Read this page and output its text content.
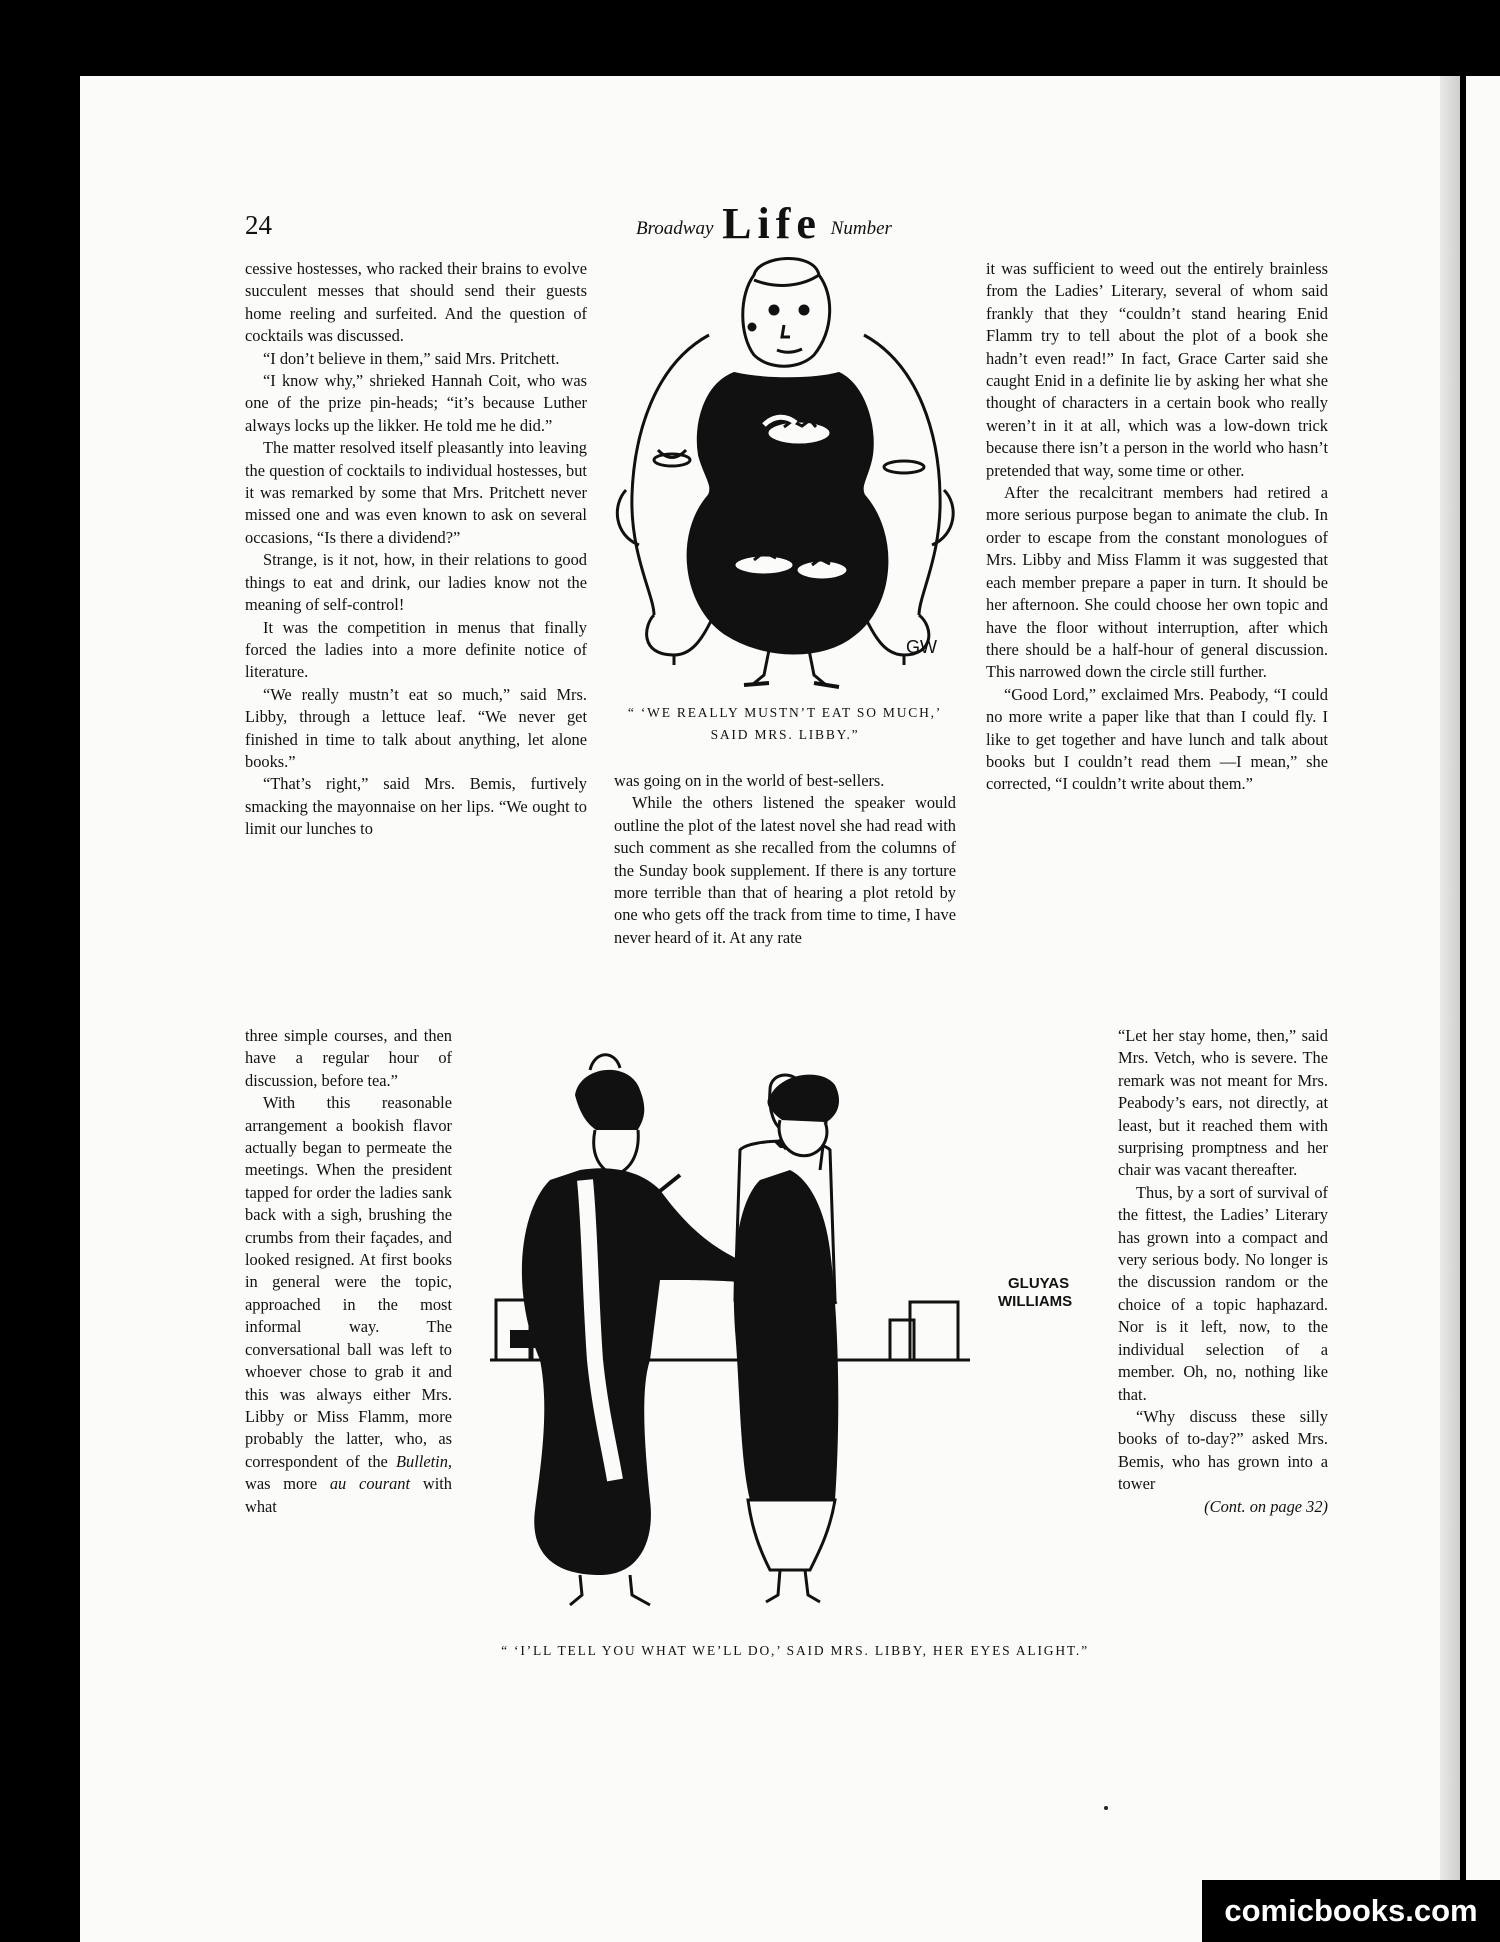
24	Broadway Life Number

cessive hostesses, who racked their brains to evolve succulent messes that should send their guests home reeling and surfeited. And the question of cocktails was discussed.

“I don’t believe in them,” said Mrs. Pritchett.

“I know why,” shrieked Hannah Coit, who was one of the prize pin-heads; “it’s because Luther always locks up the likker. He told me he did.”

The matter resolved itself pleasantly into leaving the question of cocktails to individual hostesses, but it was remarked by some that Mrs. Pritchett never missed one and was even known to ask on several occasions, “Is there a dividend?”

Strange, is it not, how, in their relations to good things to eat and drink, our ladies know not the meaning of self-control!

It was the competition in menus that finally forced the ladies into a more definite notice of literature.

“We really mustn’t eat so much,” said Mrs. Libby, through a lettuce leaf. “We never get finished in time to talk about anything, let alone books.”

“That’s right,” said Mrs. Bemis, furtively smacking the mayonnaise on her lips. “We ought to limit our lunches to

three simple courses, and then have a regular hour of discussion, before tea.”

With this reasonable arrangement a bookish flavor actually began to permeate the meetings. When the president tapped for order the ladies sank back with a sigh, brushing the crumbs from their façades, and looked resigned. At first books in general were the topic, approached in the most informal way. The conversational ball was left to whoever chose to grab it and this was always either Mrs. Libby or Miss Flamm, more probably the latter, who, as correspondent of the Bulletin, was more au courant with what

was going on in the world of best-sellers.

While the others listened the speaker would outline the plot of the latest novel she had read with such comment as she recalled from the columns of the Sunday book supplement. If there is any torture more terrible than that of hearing a plot retold by one who gets off the track from time to time, I have never heard of it. At any rate

it was sufficient to weed out the entirely brainless from the Ladies’ Literary, several of whom said frankly that they “couldn’t stand hearing Enid Flamm try to tell about the plot of a book she hadn’t even read!” In fact, Grace Carter said she caught Enid in a definite lie by asking her what she thought of characters in a certain book who really weren’t in it at all, which was a low-down trick because there isn’t a person in the world who hasn’t pretended that way, some time or other.

After the recalcitrant members had retired a more serious purpose began to animate the club. In order to escape from the constant monologues of Mrs. Libby and Miss Flamm it was suggested that each member prepare a paper in turn. It should be her afternoon. She could choose her own topic and have the floor without interruption, after which there should be a half-hour of general discussion. This narrowed down the circle still further.

“Good Lord,” exclaimed Mrs. Peabody, “I could no more write a paper like that than I could fly. I like to get together and have lunch and talk about books but I couldn’t read them —I mean,” she corrected, “I couldn’t write about them.”

“Let her stay home, then,” said Mrs. Vetch, who is severe. The remark was not meant for Mrs. Peabody’s ears, not directly, at least, but it reached them with surprising promptness and her chair was vacant thereafter.

Thus, by a sort of survival of the fittest, the Ladies’ Literary has grown into a compact and very serious body. No longer is the discussion random or the choice of a topic haphazard. Nor is it left, now, to the individual selection of a member. Oh, no, nothing like that.

“Why discuss these silly books of to-day?” asked Mrs. Bemis, who has grown into a tower

(Cont. on page 32)

GW
“ ‘WE REALLY MUSTN’T EAT SO MUCH,’ SAID MRS. LIBBY.”
GLUYAS
WILLIAMS
“ ‘I’LL TELL YOU WHAT WE’LL DO,’ SAID MRS. LIBBY, HER EYES ALIGHT.”
comicbooks.com
